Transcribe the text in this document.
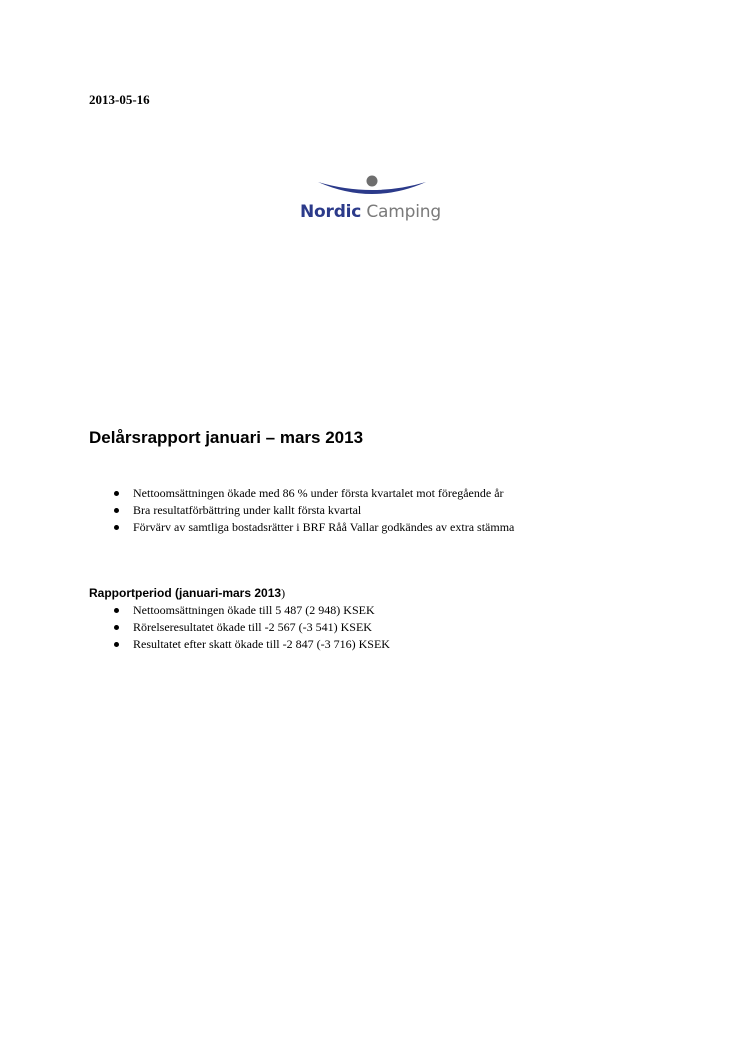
2013-05-16

Nordic Camping
Delårsrapport januari – mars 2013
Nettoomsättningen ökade med 86 % under första kvartalet mot föregående år
Bra resultatförbättring under kallt första kvartal
Förvärv av samtliga bostadsrätter i BRF Råå Vallar godkändes av extra stämma

Rapportperiod (januari-mars 2013)

Nettoomsättningen ökade till 5 487 (2 948) KSEK
Rörelseresultatet ökade till -2 567 (-3 541) KSEK
Resultatet efter skatt ökade till -2 847 (-3 716) KSEK
